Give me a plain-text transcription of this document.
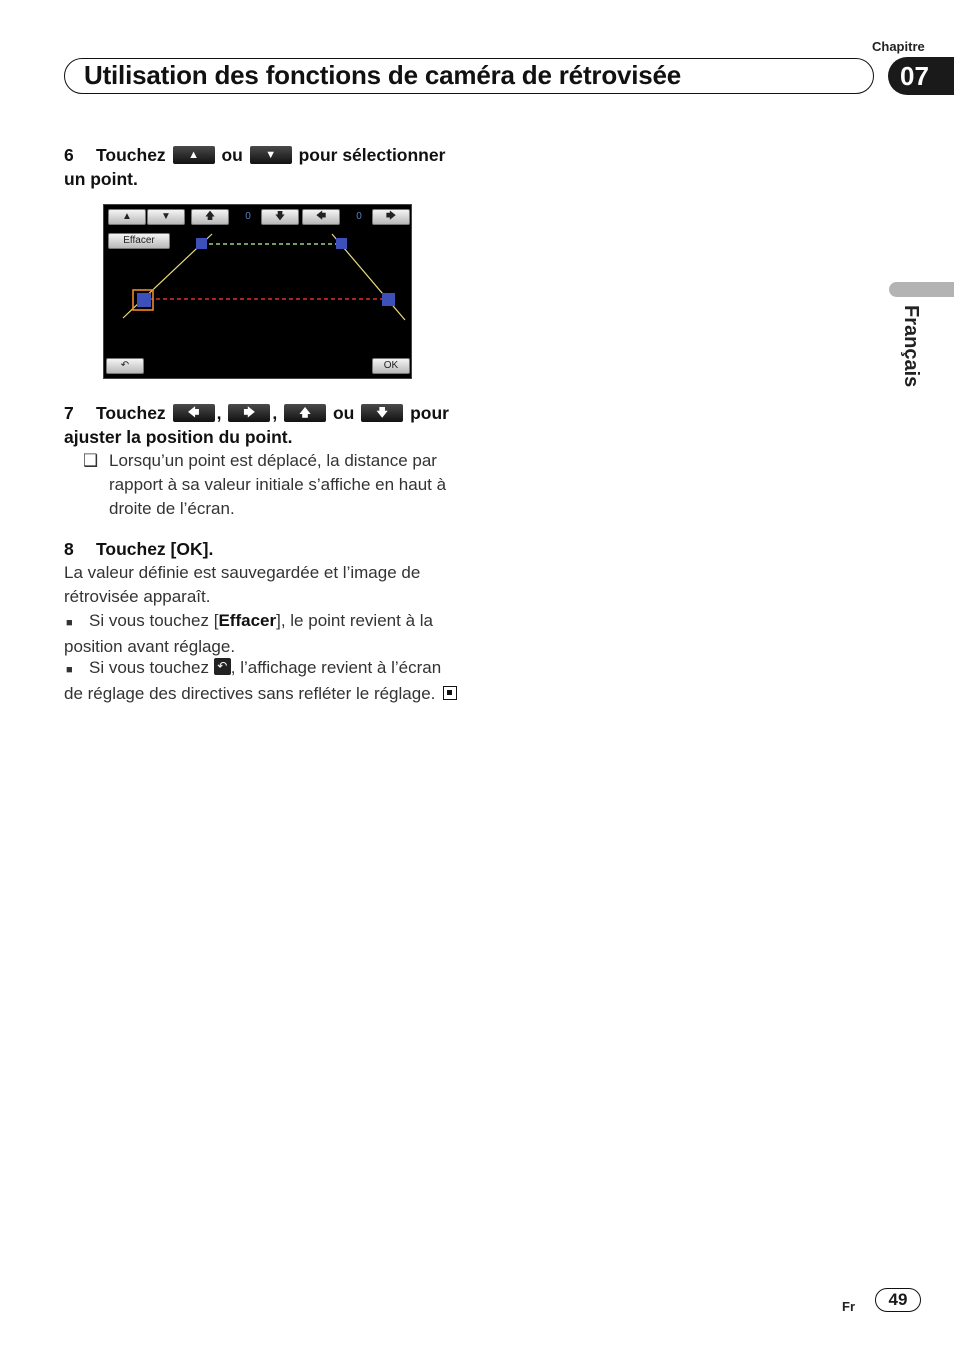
Chapitre
Utilisation des fonctions de caméra de rétrovisée	07
Français
6 Touchez ▲ ou ▼ pour sélectionner
un point.
▲	▼	🡅	0	🡇	🡄	0	🡆
Effacer
↶	OK
7 Touchez 🡄 , 🡆 , 🡅 ou 🡇 pour
ajuster la position du point.
❑ Lorsqu’un point est déplacé, la distance par rapport à sa valeur initiale s’affiche en haut à droite de l’écran.
8 Touchez [OK].
La valeur définie est sauvegardée et l’image de rétrovisée apparaît.
■ Si vous touchez [Effacer], le point revient à la position avant réglage.
■ Si vous touchez ↶ , l’affichage revient à l’écran de réglage des directives sans refléter le réglage.
Fr	49
